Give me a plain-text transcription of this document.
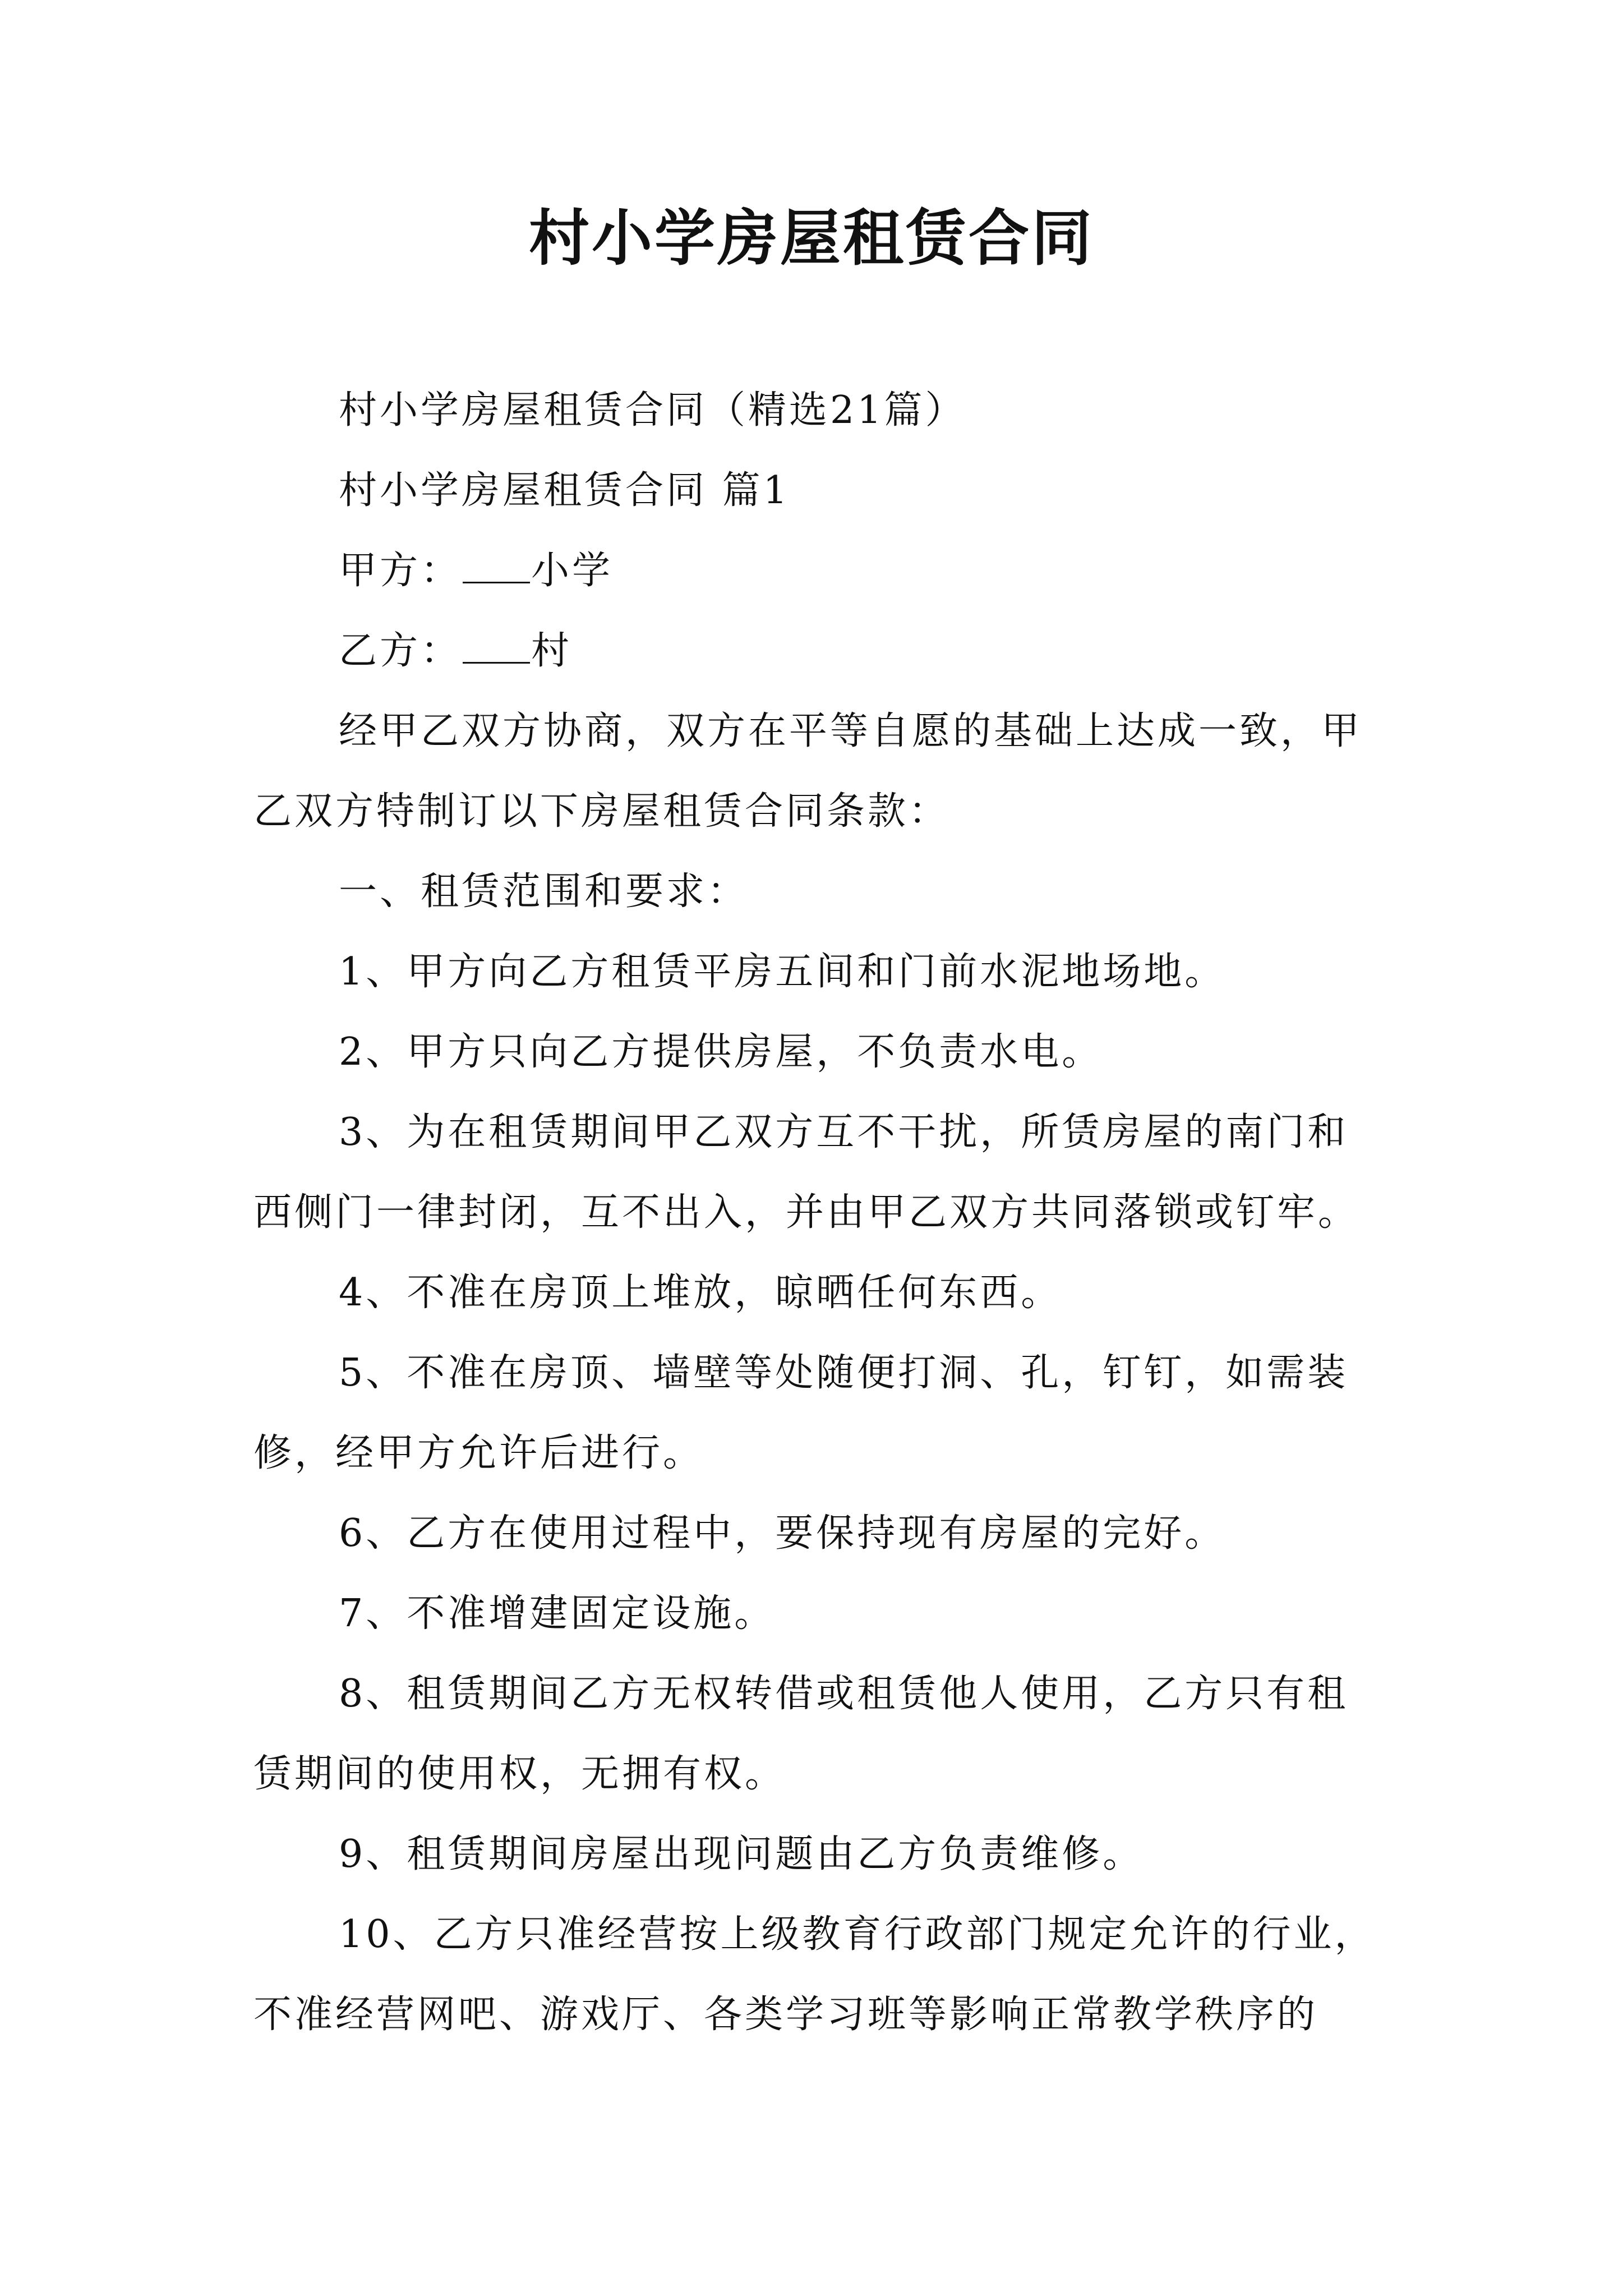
村小学房屋租赁合同

村小学房屋租赁合同（精选21篇）

村小学房屋租赁合同 篇1

甲方： 小学

乙方： 村

经甲乙双方协商，双方在平等自愿的基础上达成一致，甲乙双方特制订以下房屋租赁合同条款：

一、租赁范围和要求：

1、甲方向乙方租赁平房五间和门前水泥地场地。

2、甲方只向乙方提供房屋，不负责水电。

3、为在租赁期间甲乙双方互不干扰，所赁房屋的南门和西侧门一律封闭，互不出入，并由甲乙双方共同落锁或钉牢。

4、不准在房顶上堆放，晾晒任何东西。

5、不准在房顶、墙壁等处随便打洞、孔，钉钉，如需装修，经甲方允许后进行。

6、乙方在使用过程中，要保持现有房屋的完好。

7、不准增建固定设施。

8、租赁期间乙方无权转借或租赁他人使用，乙方只有租赁期间的使用权，无拥有权。

9、租赁期间房屋出现问题由乙方负责维修。

10、乙方只准经营按上级教育行政部门规定允许的行业，不准经营网吧、游戏厅、各类学习班等影响正常教学秩序的
